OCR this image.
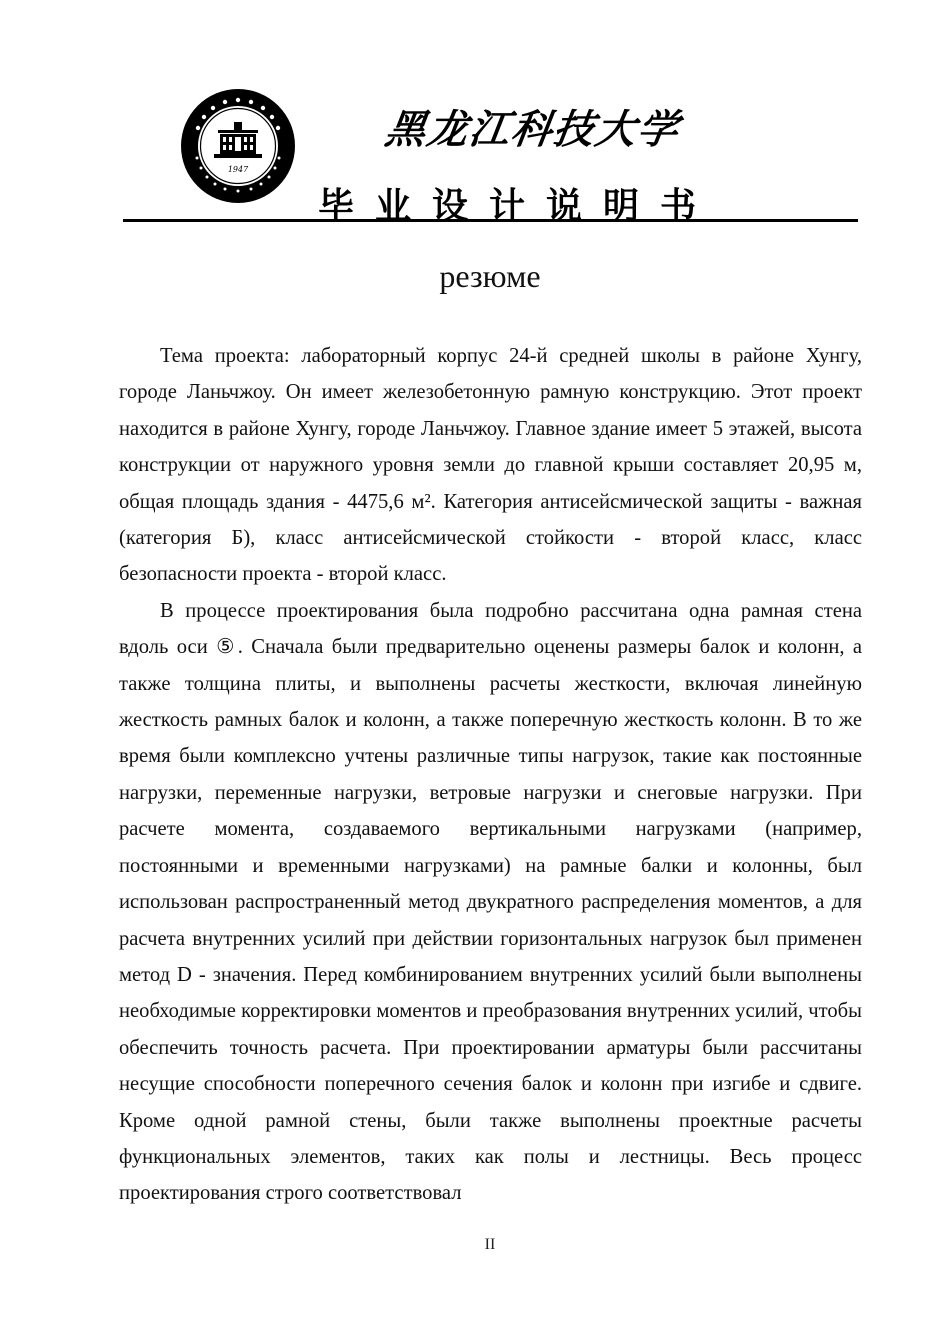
1947
黑龙江科技大学
毕业设计说明书
резюме

Тема проекта: лабораторный корпус 24-й средней школы в районе Хунгу, городе Ланьчжоу. Он имеет железобетонную рамную конструкцию. Этот проект находится в районе Хунгу, городе Ланьчжоу. Главное здание имеет 5 этажей, высота конструкции от наружного уровня земли до главной крыши составляет 20,95 м, общая площадь здания - 4475,6 м². Категория антисейсмической защиты - важная (категория Б), класс антисейсмической стойкости - второй класс, класс безопасности проекта - второй класс.

В процессе проектирования была подробно рассчитана одна рамная стена вдоль оси ⑤. Сначала были предварительно оценены размеры балок и колонн, а также толщина плиты, и выполнены расчеты жесткости, включая линейную жесткость рамных балок и колонн, а также поперечную жесткость колонн. В то же время были комплексно учтены различные типы нагрузок, такие как постоянные нагрузки, переменные нагрузки, ветровые нагрузки и снеговые нагрузки. При расчете момента, создаваемого вертикальными нагрузками (например, постоянными и временными нагрузками) на рамные балки и колонны, был использован распространенный метод двукратного распределения моментов, а для расчета внутренних усилий при действии горизонтальных нагрузок был применен метод D - значения. Перед комбинированием внутренних усилий были выполнены необходимые корректировки моментов и преобразования внутренних усилий, чтобы обеспечить точность расчета. При проектировании арматуры были рассчитаны несущие способности поперечного сечения балок и колонн при изгибе и сдвиге. Кроме одной рамной стены, были также выполнены проектные расчеты функциональных элементов, таких как полы и лестницы. Весь процесс проектирования строго соответствовал

II
